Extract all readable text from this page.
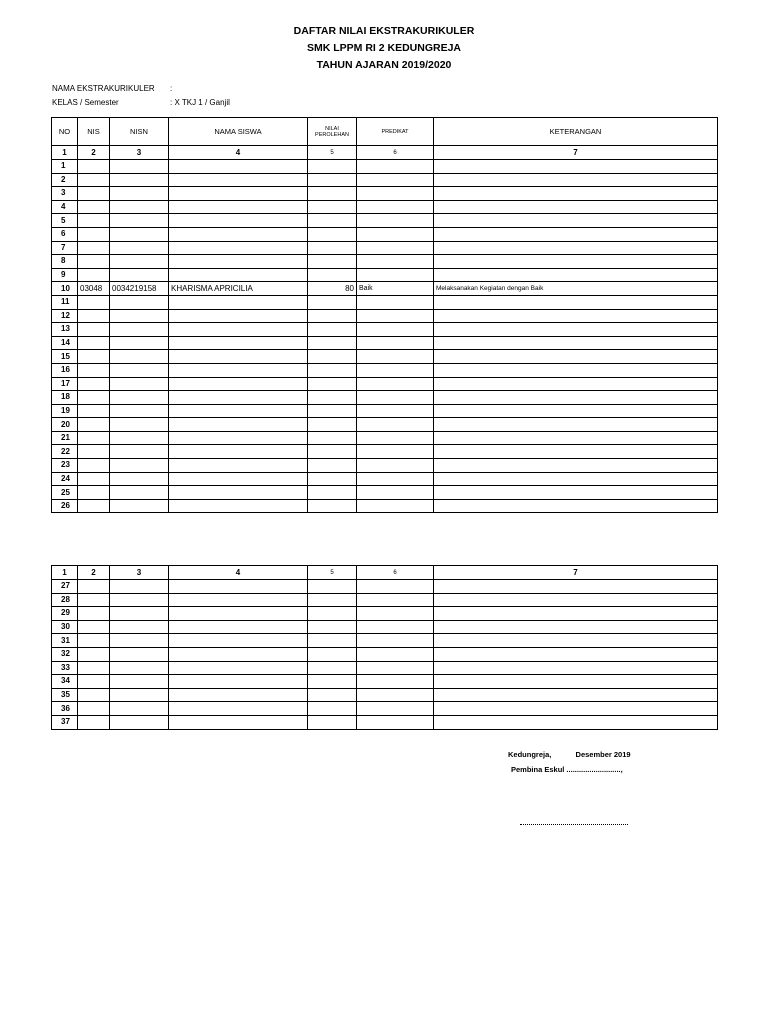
DAFTAR NILAI EKSTRAKURIKULER
SMK LPPM RI 2 KEDUNGREJA
TAHUN AJARAN 2019/2020
NAMA EKSTRAKURIKULER :
KELAS / Semester	: X TKJ 1 / Ganjil
NO	NIS	NISN	NAMA SISWA	NILAI PEROLEHAN	PREDIKAT	KETERANGAN
1	2	3	4	5	6	7
1						
2						
3						
4						
5						
6						
7						
8						
9						
10	03048	0034219158	KHARISMA APRICILIA	80	Baik	Melaksanakan Kegiatan dengan Baik
11						
12						
13						
14						
15						
16						
17						
18						
19						
20						
21						
22						
23						
24						
25						
26						
1	2	3	4	5	6	7
27						
28						
29						
30						
31						
32						
33						
34						
35						
36						
37						
Kedungreja,	Desember 2019
Pembina Eskul ..........................,
